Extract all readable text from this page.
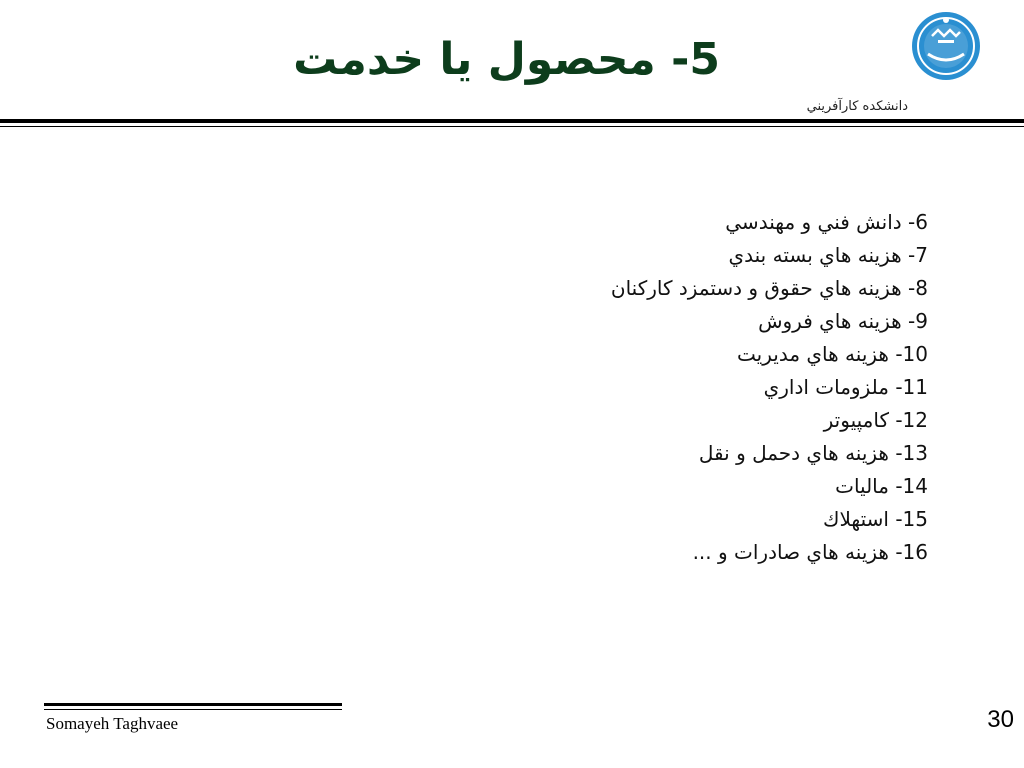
5- محصول يا خدمت
دانشكده كارآفريني
6- دانش فني و مهندسي
7- هزينه هاي بسته بندي
8- هزينه هاي حقوق و دستمزد كاركنان
9- هزينه هاي فروش
10- هزينه هاي مديريت
11- ملزومات اداري
12- كامپيوتر
13- هزينه هاي دحمل و نقل
14- ماليات
15- استهلاك
16- هزينه هاي صادرات و ...
Somayeh Taghvaee	30
